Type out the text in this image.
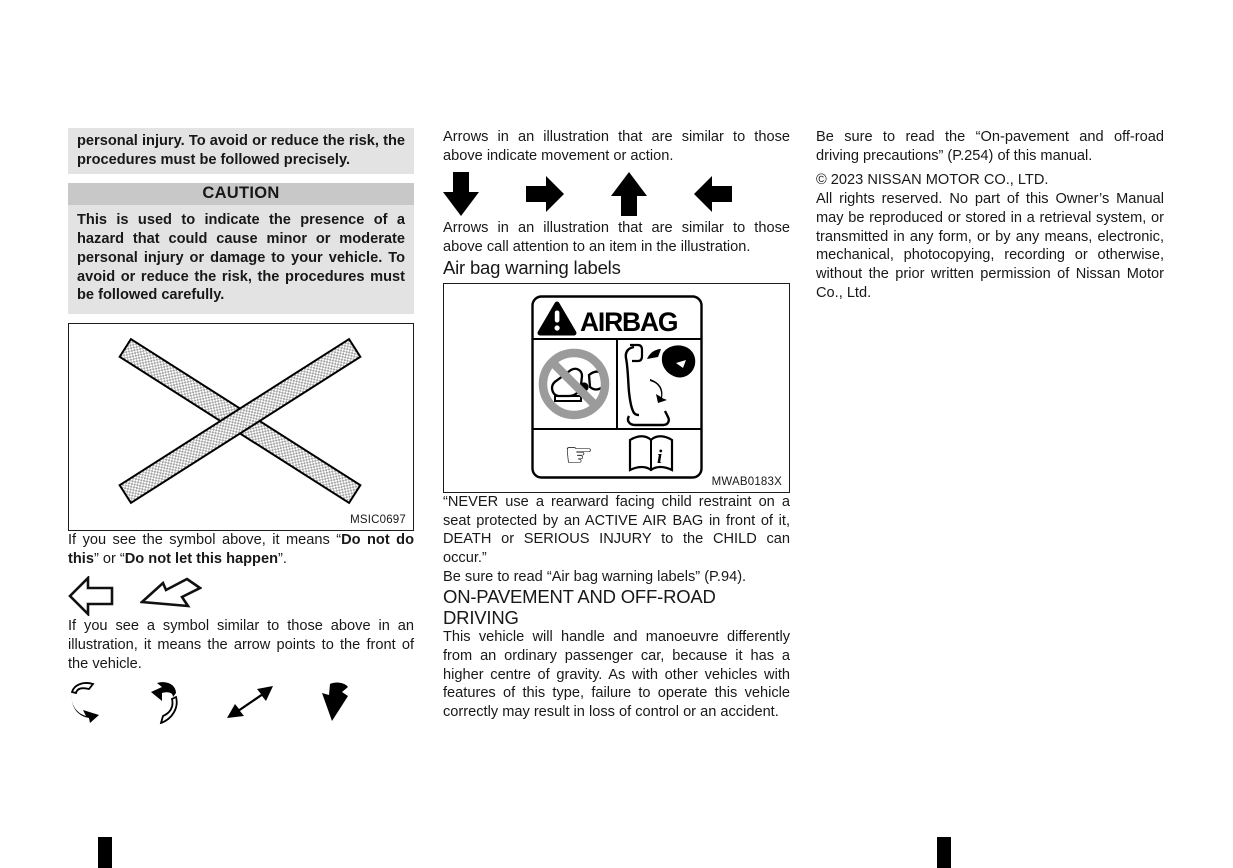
personal injury. To avoid or reduce the risk, the procedures must be followed precisely.

CAUTION

This is used to indicate the presence of a hazard that could cause minor or moderate personal injury or damage to your vehicle. To avoid or reduce the risk, the procedures must be followed carefully.

MSIC0697

If you see the symbol above, it means “Do not do this” or “Do not let this happen”.

If you see a symbol similar to those above in an illustration, it means the arrow points to the front of the vehicle.

Arrows in an illustration that are similar to those above indicate movement or action.

Arrows in an illustration that are similar to those above call attention to an item in the illustration.

Air bag warning labels
AIRBAG
☞	i
MWAB0183X

“NEVER use a rearward facing child restraint on a seat protected by an ACTIVE AIR BAG in front of it, DEATH or SERIOUS INJURY to the CHILD can occur.”

Be sure to read “Air bag warning labels” (P.94).

ON-PAVEMENT AND OFF-ROAD DRIVING

This vehicle will handle and manoeuvre differently from an ordinary passenger car, because it has a higher centre of gravity. As with other vehicles with features of this type, failure to operate this vehicle correctly may result in loss of control or an accident.

Be sure to read the “On-pavement and off-road driving precautions” (P.254) of this manual.

© 2023 NISSAN MOTOR CO., LTD.

All rights reserved. No part of this Owner’s Manual may be reproduced or stored in a retrieval system, or transmitted in any form, or by any means, electronic, mechanical, photocopying, recording or otherwise, without the prior written permission of Nissan Motor Co., Ltd.
